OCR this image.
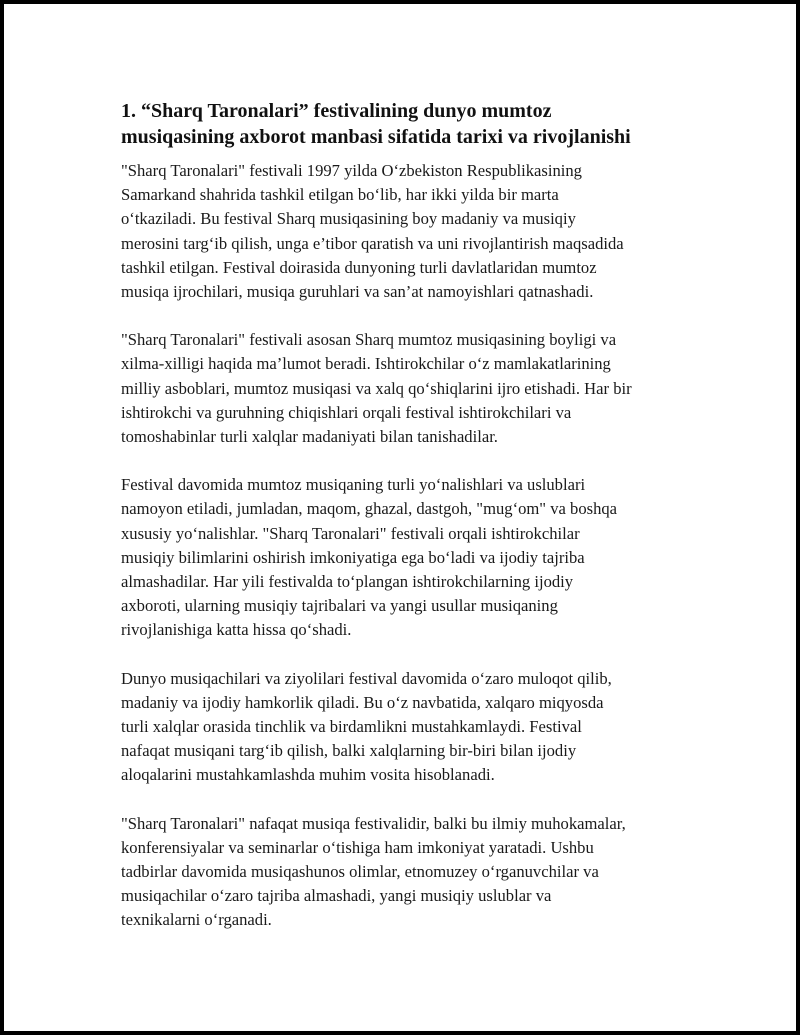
1. “Sharq Taronalari” festivalining dunyo mumtoz
musiqasining axborot manbasi sifatida tarixi va rivojlanishi

"Sharq Taronalari" festivali 1997 yilda O‘zbekiston Respublikasining
Samarkand shahrida tashkil etilgan bo‘lib, har ikki yilda bir marta
o‘tkaziladi. Bu festival Sharq musiqasining boy madaniy va musiqiy
merosini targ‘ib qilish, unga e’tibor qaratish va uni rivojlantirish maqsadida
tashkil etilgan. Festival doirasida dunyoning turli davlatlaridan mumtoz
musiqa ijrochilari, musiqa guruhlari va san’at namoyishlari qatnashadi.

"Sharq Taronalari" festivali asosan Sharq mumtoz musiqasining boyligi va
xilma-xilligi haqida ma’lumot beradi. Ishtirokchilar o‘z mamlakatlarining
milliy asboblari, mumtoz musiqasi va xalq qo‘shiqlarini ijro etishadi. Har bir
ishtirokchi va guruhning chiqishlari orqali festival ishtirokchilari va
tomoshabinlar turli xalqlar madaniyati bilan tanishadilar.

Festival davomida mumtoz musiqaning turli yo‘nalishlari va uslublari
namoyon etiladi, jumladan, maqom, ghazal, dastgoh, "mug‘om" va boshqa
xususiy yo‘nalishlar. "Sharq Taronalari" festivali orqali ishtirokchilar
musiqiy bilimlarini oshirish imkoniyatiga ega bo‘ladi va ijodiy tajriba
almashadilar. Har yili festivalda to‘plangan ishtirokchilarning ijodiy
axboroti, ularning musiqiy tajribalari va yangi usullar musiqaning
rivojlanishiga katta hissa qo‘shadi.

Dunyo musiqachilari va ziyolilari festival davomida o‘zaro muloqot qilib,
madaniy va ijodiy hamkorlik qiladi. Bu o‘z navbatida, xalqaro miqyosda
turli xalqlar orasida tinchlik va birdamlikni mustahkamlaydi. Festival
nafaqat musiqani targ‘ib qilish, balki xalqlarning bir-biri bilan ijodiy
aloqalarini mustahkamlashda muhim vosita hisoblanadi.

"Sharq Taronalari" nafaqat musiqa festivalidir, balki bu ilmiy muhokamalar,
konferensiyalar va seminarlar o‘tishiga ham imkoniyat yaratadi. Ushbu
tadbirlar davomida musiqashunos olimlar, etnomuzey o‘rganuvchilar va
musiqachilar o‘zaro tajriba almashadi, yangi musiqiy uslublar va
texnikalarni o‘rganadi.
